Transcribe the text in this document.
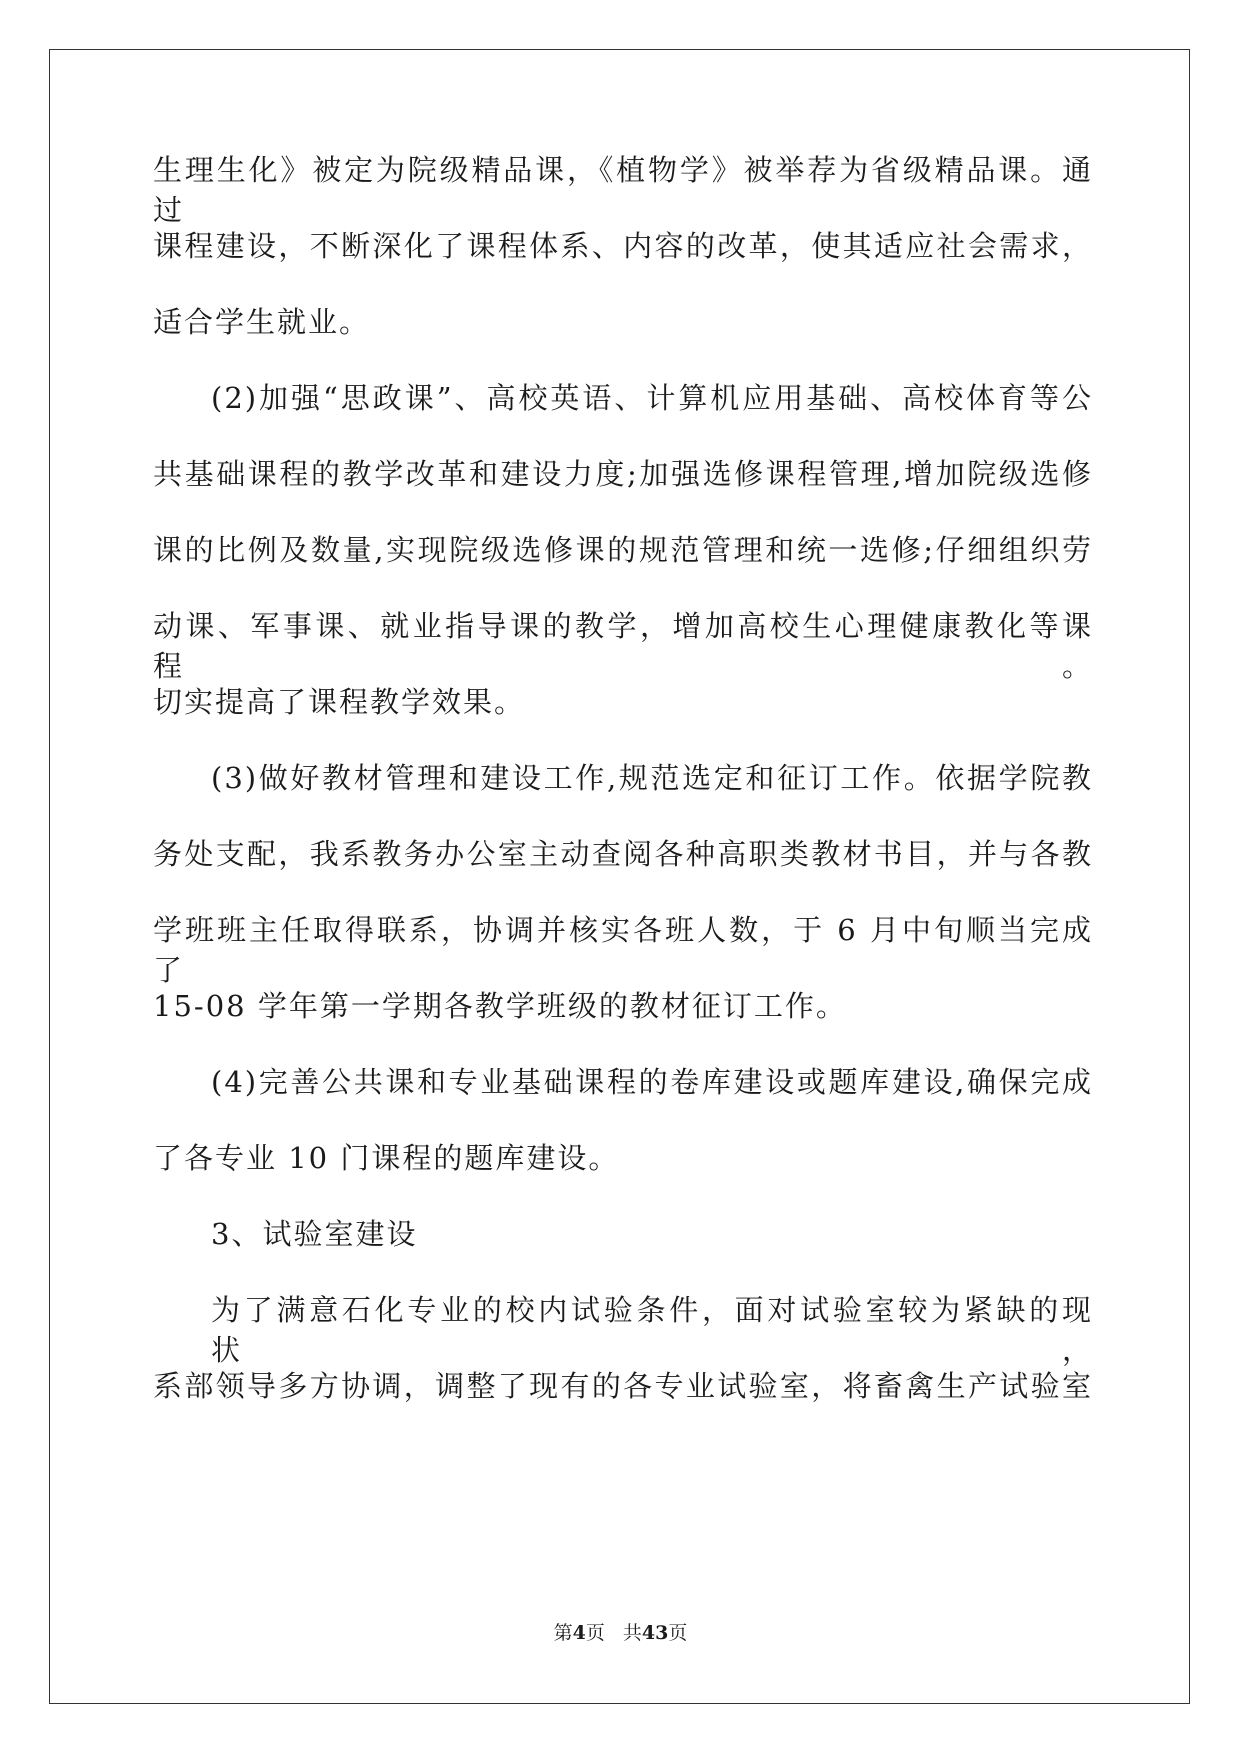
生理生化》被定为院级精品课，《植物学》被举荐为省级精品课。通过
课程建设，不断深化了课程体系、内容的改革，使其适应社会需求，
适合学生就业。
(2)加强“思政课”、高校英语、计算机应用基础、高校体育等公
共基础课程的教学改革和建设力度;加强选修课程管理,增加院级选修
课的比例及数量,实现院级选修课的规范管理和统一选修;仔细组织劳
动课、军事课、就业指导课的教学，增加高校生心理健康教化等课程。
切实提高了课程教学效果。
(3)做好教材管理和建设工作,规范选定和征订工作。依据学院教
务处支配，我系教务办公室主动查阅各种高职类教材书目，并与各教
学班班主任取得联系，协调并核实各班人数，于 6 月中旬顺当完成了
15-08 学年第一学期各教学班级的教材征订工作。
(4)完善公共课和专业基础课程的卷库建设或题库建设,确保完成
了各专业 10 门课程的题库建设。
3、试验室建设
为了满意石化专业的校内试验条件，面对试验室较为紧缺的现状，
系部领导多方协调，调整了现有的各专业试验室，将畜禽生产试验室
第4页 共43页
